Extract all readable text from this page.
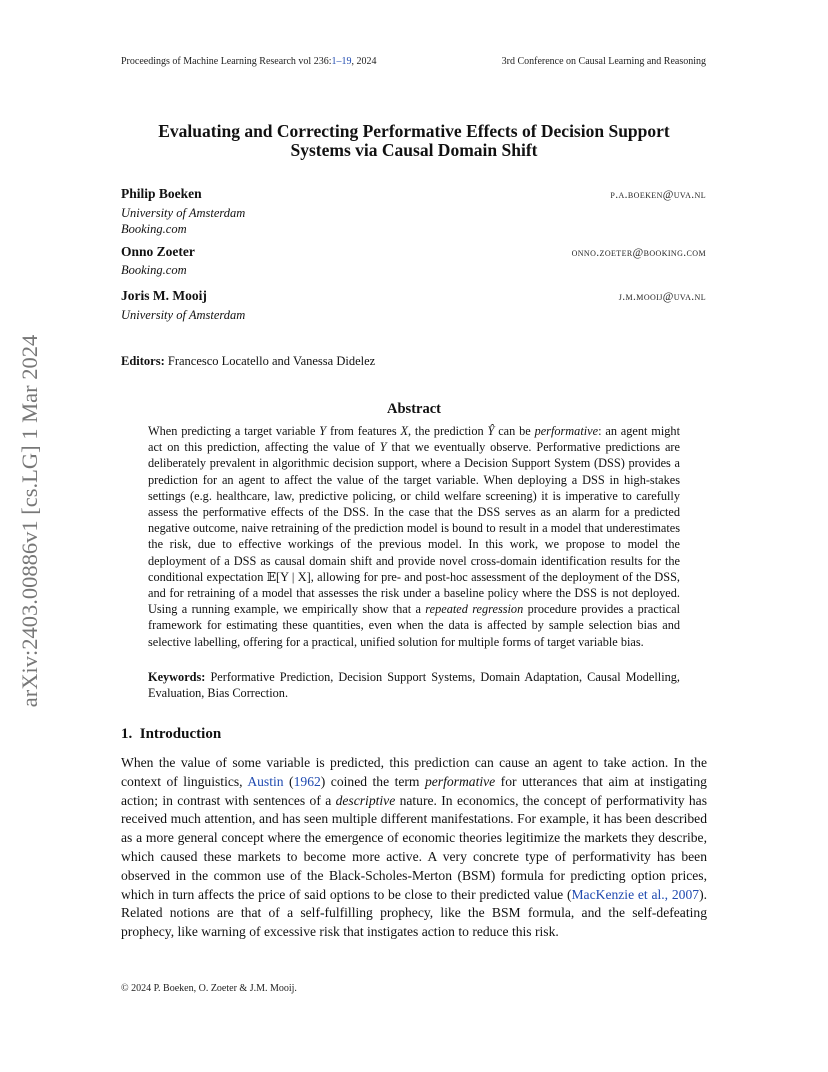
Proceedings of Machine Learning Research vol 236:1–19, 2024	3rd Conference on Causal Learning and Reasoning
arXiv:2403.00886v1 [cs.LG] 1 Mar 2024
Evaluating and Correcting Performative Effects of Decision Support
Systems via Causal Domain Shift
Philip Boeken	p.a.boeken@uva.nl
University of Amsterdam
Booking.com
Onno Zoeter	onno.zoeter@booking.com
Booking.com
Joris M. Mooij	j.m.mooij@uva.nl
University of Amsterdam
Editors: Francesco Locatello and Vanessa Didelez
Abstract
When predicting a target variable Y from features X, the prediction Ŷ can be performative: an agent might act on this prediction, affecting the value of Y that we eventually observe. Performative predictions are deliberately prevalent in algorithmic decision support, where a Decision Support System (DSS) provides a prediction for an agent to affect the value of the target variable. When deploying a DSS in high-stakes settings (e.g. healthcare, law, predictive policing, or child welfare screening) it is imperative to carefully assess the performative effects of the DSS. In the case that the DSS serves as an alarm for a predicted negative outcome, naive retraining of the prediction model is bound to result in a model that underestimates the risk, due to effective workings of the previous model. In this work, we propose to model the deployment of a DSS as causal domain shift and provide novel cross-domain identification results for the conditional expectation 𝔼[Y | X], allowing for pre- and post-hoc assessment of the deployment of the DSS, and for retraining of a model that assesses the risk under a baseline policy where the DSS is not deployed. Using a running example, we empirically show that a repeated regression procedure provides a practical framework for estimating these quantities, even when the data is affected by sample selection bias and selective labelling, offering for a practical, unified solution for multiple forms of target variable bias.
Keywords: Performative Prediction, Decision Support Systems, Domain Adaptation, Causal Modelling, Evaluation, Bias Correction.
1. Introduction
When the value of some variable is predicted, this prediction can cause an agent to take action. In the context of linguistics, Austin (1962) coined the term performative for utterances that aim at instigating action; in contrast with sentences of a descriptive nature. In economics, the concept of performativity has received much attention, and has seen multiple different manifestations. For example, it has been described as a more general concept where the emergence of economic theories legitimize the markets they describe, which caused these markets to become more active. A very concrete type of performativity has been observed in the common use of the Black-Scholes-Merton (BSM) formula for predicting option prices, which in turn affects the price of said options to be close to their predicted value (MacKenzie et al., 2007). Related notions are that of a self-fulfilling prophecy, like the BSM formula, and the self-defeating prophecy, like warning of excessive risk that instigates action to reduce this risk.
© 2024 P. Boeken, O. Zoeter & J.M. Mooij.
